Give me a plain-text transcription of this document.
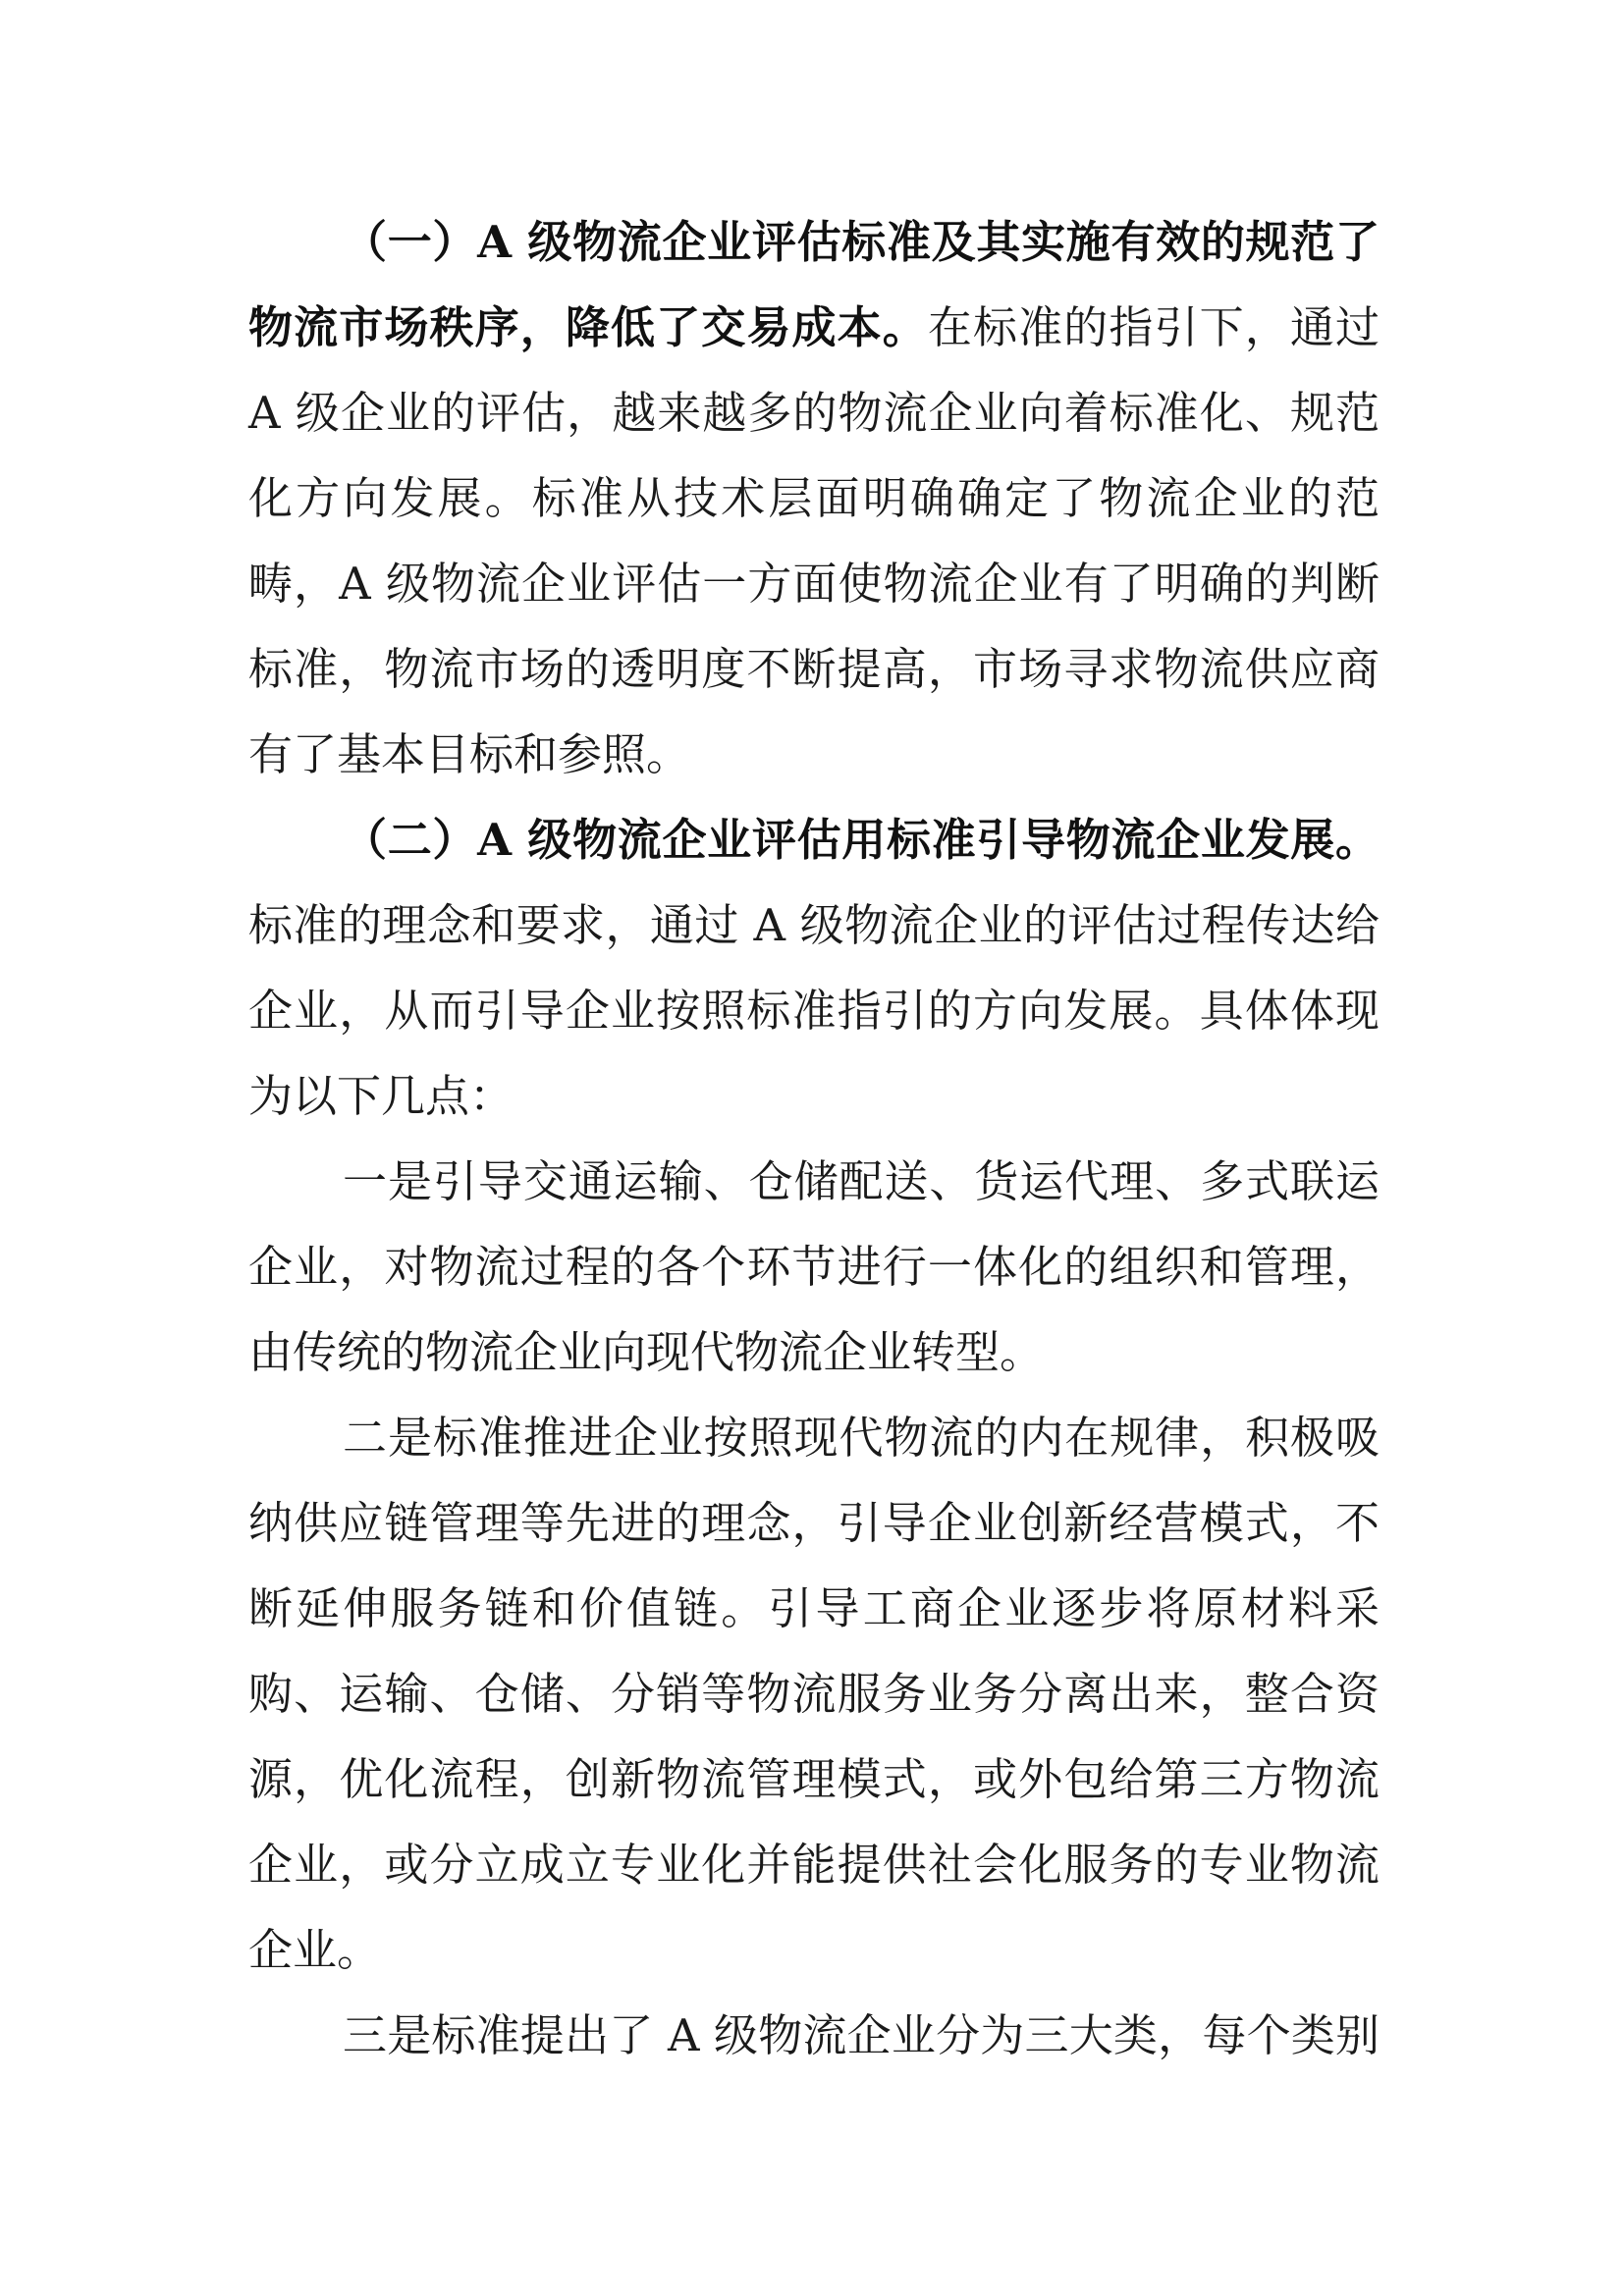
（一）A 级物流企业评估标准及其实施有效的规范了
物流市场秩序，降低了交易成本。在标准的指引下，通过
A 级企业的评估，越来越多的物流企业向着标准化、规范
化方向发展。标准从技术层面明确确定了物流企业的范
畴，A 级物流企业评估一方面使物流企业有了明确的判断
标准，物流市场的透明度不断提高，市场寻求物流供应商
有了基本目标和参照。
（二）A 级物流企业评估用标准引导物流企业发展。
标准的理念和要求，通过 A 级物流企业的评估过程传达给
企业，从而引导企业按照标准指引的方向发展。具体体现
为以下几点：
一是引导交通运输、仓储配送、货运代理、多式联运
企业，对物流过程的各个环节进行一体化的组织和管理，
由传统的物流企业向现代物流企业转型。
二是标准推进企业按照现代物流的内在规律，积极吸
纳供应链管理等先进的理念，引导企业创新经营模式，不
断延伸服务链和价值链。引导工商企业逐步将原材料采
购、运输、仓储、分销等物流服务业务分离出来，整合资
源，优化流程，创新物流管理模式，或外包给第三方物流
企业，或分立成立专业化并能提供社会化服务的专业物流
企业。
三是标准提出了 A 级物流企业分为三大类，每个类别
